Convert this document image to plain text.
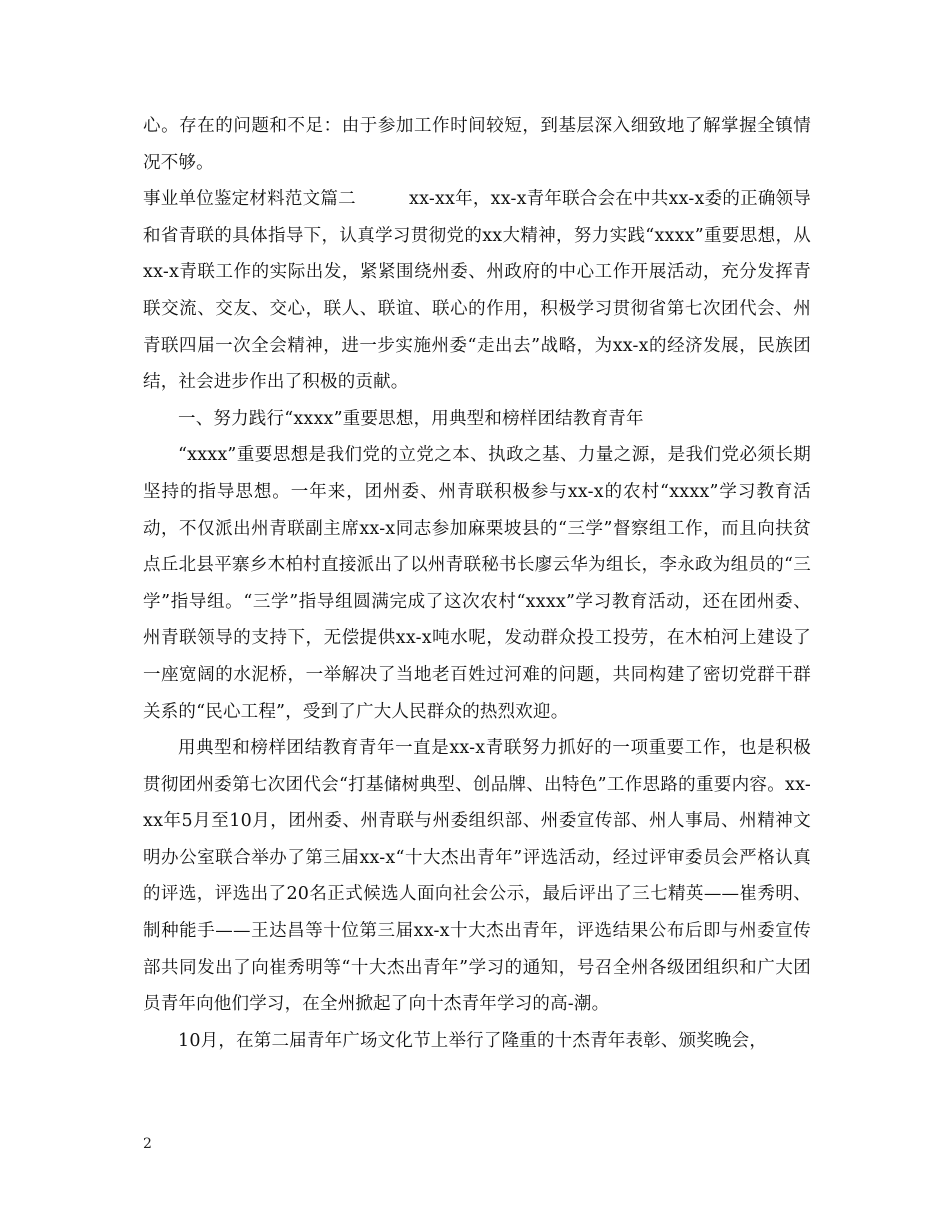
心。存在的问题和不足：由于参加工作时间较短，到基层深入细致地了解掌握全镇情况不够。

事业单位鉴定材料范文篇二　　　xx-xx年，xx-x青年联合会在中共xx-x委的正确领导和省青联的具体指导下，认真学习贯彻党的xx大精神，努力实践“xxxx”重要思想，从xx-x青联工作的实际出发，紧紧围绕州委、州政府的中心工作开展活动，充分发挥青联交流、交友、交心，联人、联谊、联心的作用，积极学习贯彻省第七次团代会、州青联四届一次全会精神，进一步实施州委“走出去”战略，为xx-x的经济发展，民族团结，社会进步作出了积极的贡献。

一、努力践行“xxxx”重要思想，用典型和榜样团结教育青年

“xxxx”重要思想是我们党的立党之本、执政之基、力量之源，是我们党必须长期坚持的指导思想。一年来，团州委、州青联积极参与xx-x的农村“xxxx”学习教育活动，不仅派出州青联副主席xx-x同志参加麻栗坡县的“三学”督察组工作，而且向扶贫点丘北县平寨乡木柏村直接派出了以州青联秘书长廖云华为组长，李永政为组员的“三学”指导组。“三学”指导组圆满完成了这次农村“xxxx”学习教育活动，还在团州委、州青联领导的支持下，无偿提供xx-x吨水呢，发动群众投工投劳，在木柏河上建设了一座宽阔的水泥桥，一举解决了当地老百姓过河难的问题，共同构建了密切党群干群关系的“民心工程”，受到了广大人民群众的热烈欢迎。

用典型和榜样团结教育青年一直是xx-x青联努力抓好的一项重要工作，也是积极贯彻团州委第七次团代会“打基储树典型、创品牌、出特色”工作思路的重要内容。xx-xx年5月至10月，团州委、州青联与州委组织部、州委宣传部、州人事局、州精神文明办公室联合举办了第三届xx-x“十大杰出青年”评选活动，经过评审委员会严格认真的评选，评选出了20名正式候选人面向社会公示，最后评出了三七精英——崔秀明、制种能手——王达昌等十位第三届xx-x十大杰出青年，评选结果公布后即与州委宣传部共同发出了向崔秀明等“十大杰出青年”学习的通知，号召全州各级团组织和广大团员青年向他们学习，在全州掀起了向十杰青年学习的高-潮。

10月，在第二届青年广场文化节上举行了隆重的十杰青年表彰、颁奖晚会，

2
